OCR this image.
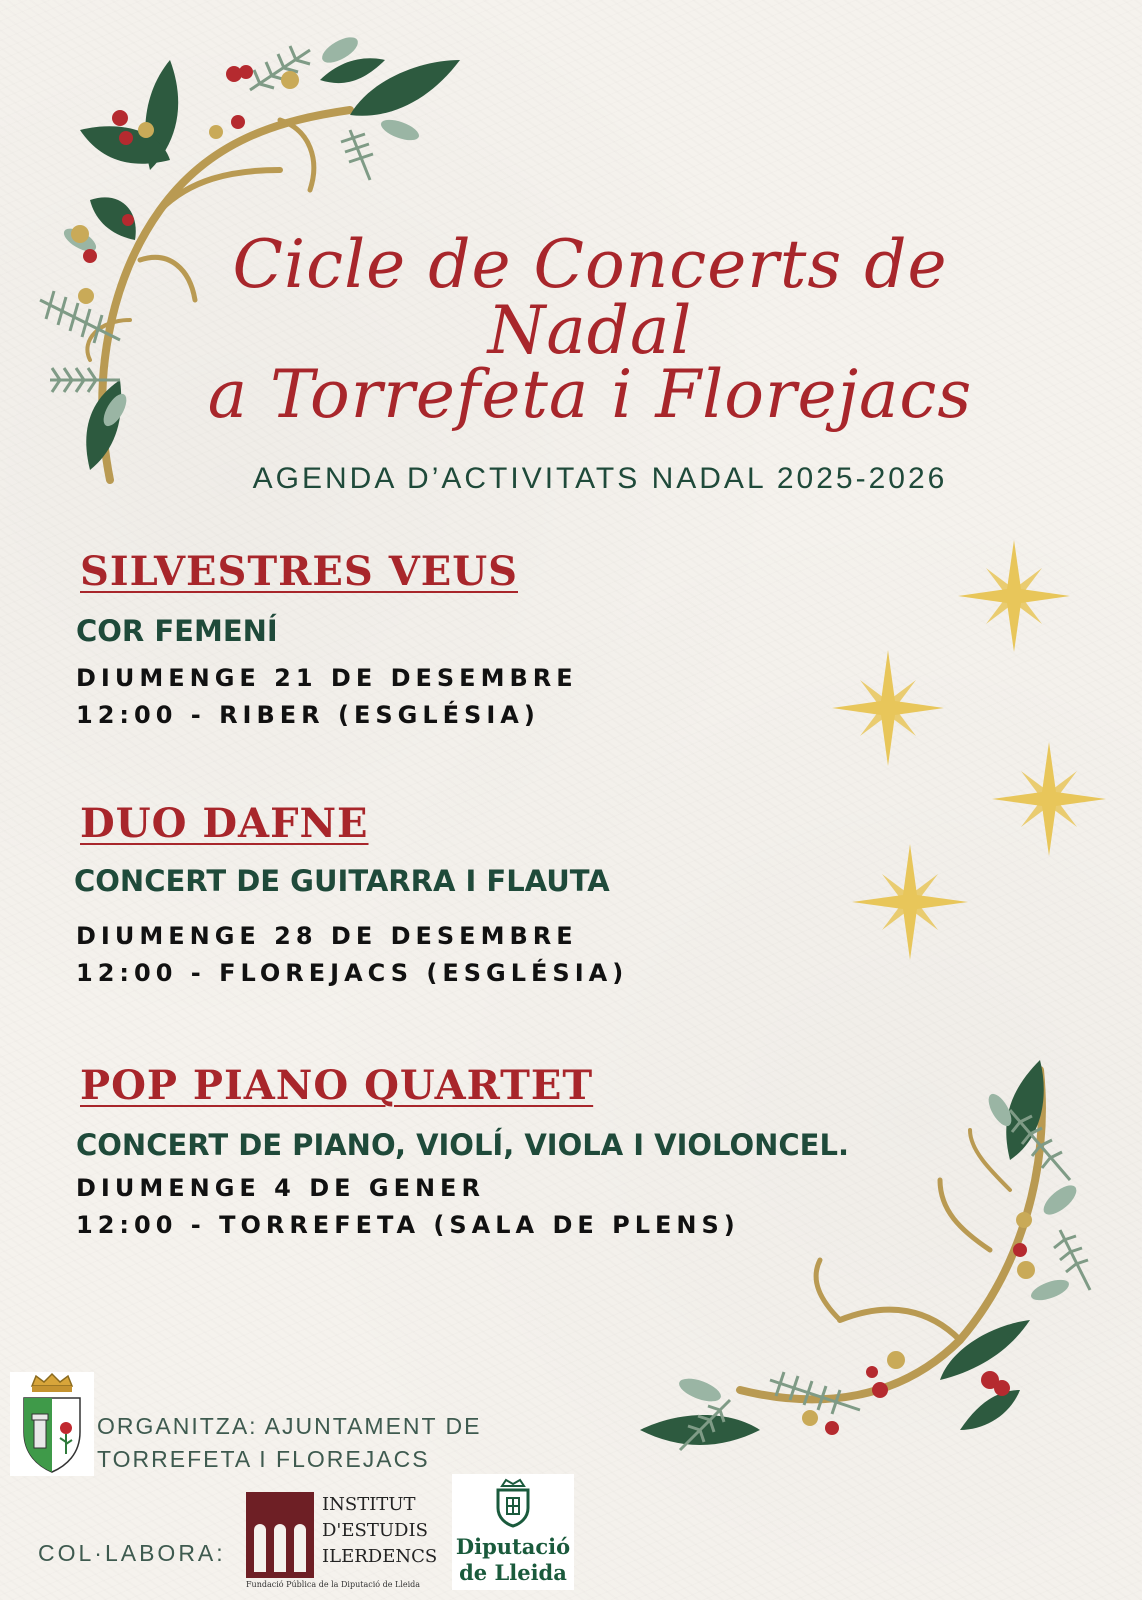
Cicle de Concerts de Nadal
a Torrefeta i Florejacs
AGENDA D’ACTIVITATS NADAL 2025-2026
SILVESTRES VEUS
COR FEMENÍ
DIUMENGE 21 DE DESEMBRE
12:00 - RIBER (ESGLÉSIA)
DUO DAFNE
CONCERT DE GUITARRA I FLAUTA
DIUMENGE 28 DE DESEMBRE
12:00 - FLOREJACS (ESGLÉSIA)
POP PIANO QUARTET
CONCERT DE PIANO, VIOLÍ, VIOLA I VIOLONCEL.
DIUMENGE 4 DE GENER
12:00 - TORREFETA (SALA DE PLENS)
ORGANITZA: AJUNTAMENT DE
TORREFETA I FLOREJACS
COL·LABORA:
INSTITUT
D'ESTUDIS
ILERDENCS
Fundació Pública de la Diputació de Lleida
Diputació
de Lleida
